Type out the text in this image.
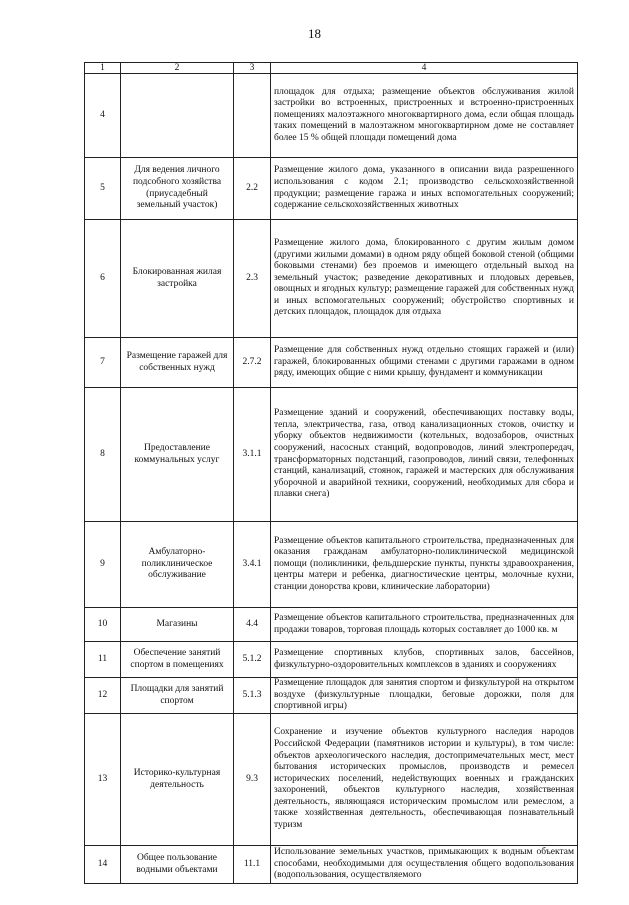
18
1	2	3	4
4			площадок для отдыха; размещение объектов обслуживания жилой застройки во встроенных, пристроенных и встроенно-пристроенных помещениях малоэтажного многоквартирного дома, если общая площадь таких помещений в малоэтажном многоквартирном доме не составляет более 15 % общей площади помещений дома
5	Для ведения личного подсобного хозяйства (приусадебный земельный участок)	2.2	Размещение жилого дома, указанного в описании вида разрешенного использования с кодом 2.1; производство сельскохозяйственной продукции; размещение гаража и иных вспомогательных сооружений; содержание сельскохозяйственных животных
6	Блокированная жилая застройка	2.3	Размещение жилого дома, блокированного с другим жилым домом (другими жилыми домами) в одном ряду общей боковой стеной (общими боковыми стенами) без проемов и имеющего отдельный выход на земельный участок; разведение декоративных и плодовых деревьев, овощных и ягодных культур; размещение гаражей для собственных нужд и иных вспомогательных сооружений; обустройство спортивных и детских площадок, площадок для отдыха
7	Размещение гаражей для собственных нужд	2.7.2	Размещение для собственных нужд отдельно стоящих гаражей и (или) гаражей, блокированных общими стенами с другими гаражами в одном ряду, имеющих общие с ними крышу, фундамент и коммуникации
8	Предоставление коммунальных услуг	3.1.1	Размещение зданий и сооружений, обеспечивающих поставку воды, тепла, электричества, газа, отвод канализационных стоков, очистку и уборку объектов недвижимости (котельных, водозаборов, очистных сооружений, насосных станций, водопроводов, линий электропередач, трансформаторных подстанций, газопроводов, линий связи, телефонных станций, канализаций, стоянок, гаражей и мастерских для обслуживания уборочной и аварийной техники, сооружений, необходимых для сбора и плавки снега)
9	Амбулаторно-поликлиническое обслуживание	3.4.1	Размещение объектов капитального строительства, предназначенных для оказания гражданам амбулаторно-поликлинической медицинской помощи (поликлиники, фельдшерские пункты, пункты здравоохранения, центры матери и ребенка, диагностические центры, молочные кухни, станции донорства крови, клинические лаборатории)
10	Магазины	4.4	Размещение объектов капитального строительства, предназначенных для продажи товаров, торговая площадь которых составляет до 1000 кв. м
11	Обеспечение занятий спортом в помещениях	5.1.2	Размещение спортивных клубов, спортивных залов, бассейнов, физкультурно-оздоровительных комплексов в зданиях и сооружениях
12	Площадки для занятий спортом	5.1.3	Размещение площадок для занятия спортом и физкультурой на открытом воздухе (физкультурные площадки, беговые дорожки, поля для спортивной игры)
13	Историко-культурная деятельность	9.3	Сохранение и изучение объектов культурного наследия народов Российской Федерации (памятников истории и культуры), в том числе: объектов археологического наследия, достопримечательных мест, мест бытования исторических промыслов, производств и ремесел исторических поселений, недействующих военных и гражданских захоронений, объектов культурного наследия, хозяйственная деятельность, являющаяся историческим промыслом или ремеслом, а также хозяйственная деятельность, обеспечивающая познавательный туризм
14	Общее пользование водными объектами	11.1	Использование земельных участков, примыкающих к водным объектам способами, необходимыми для осуществления общего водопользования (водопользования, осуществляемого
